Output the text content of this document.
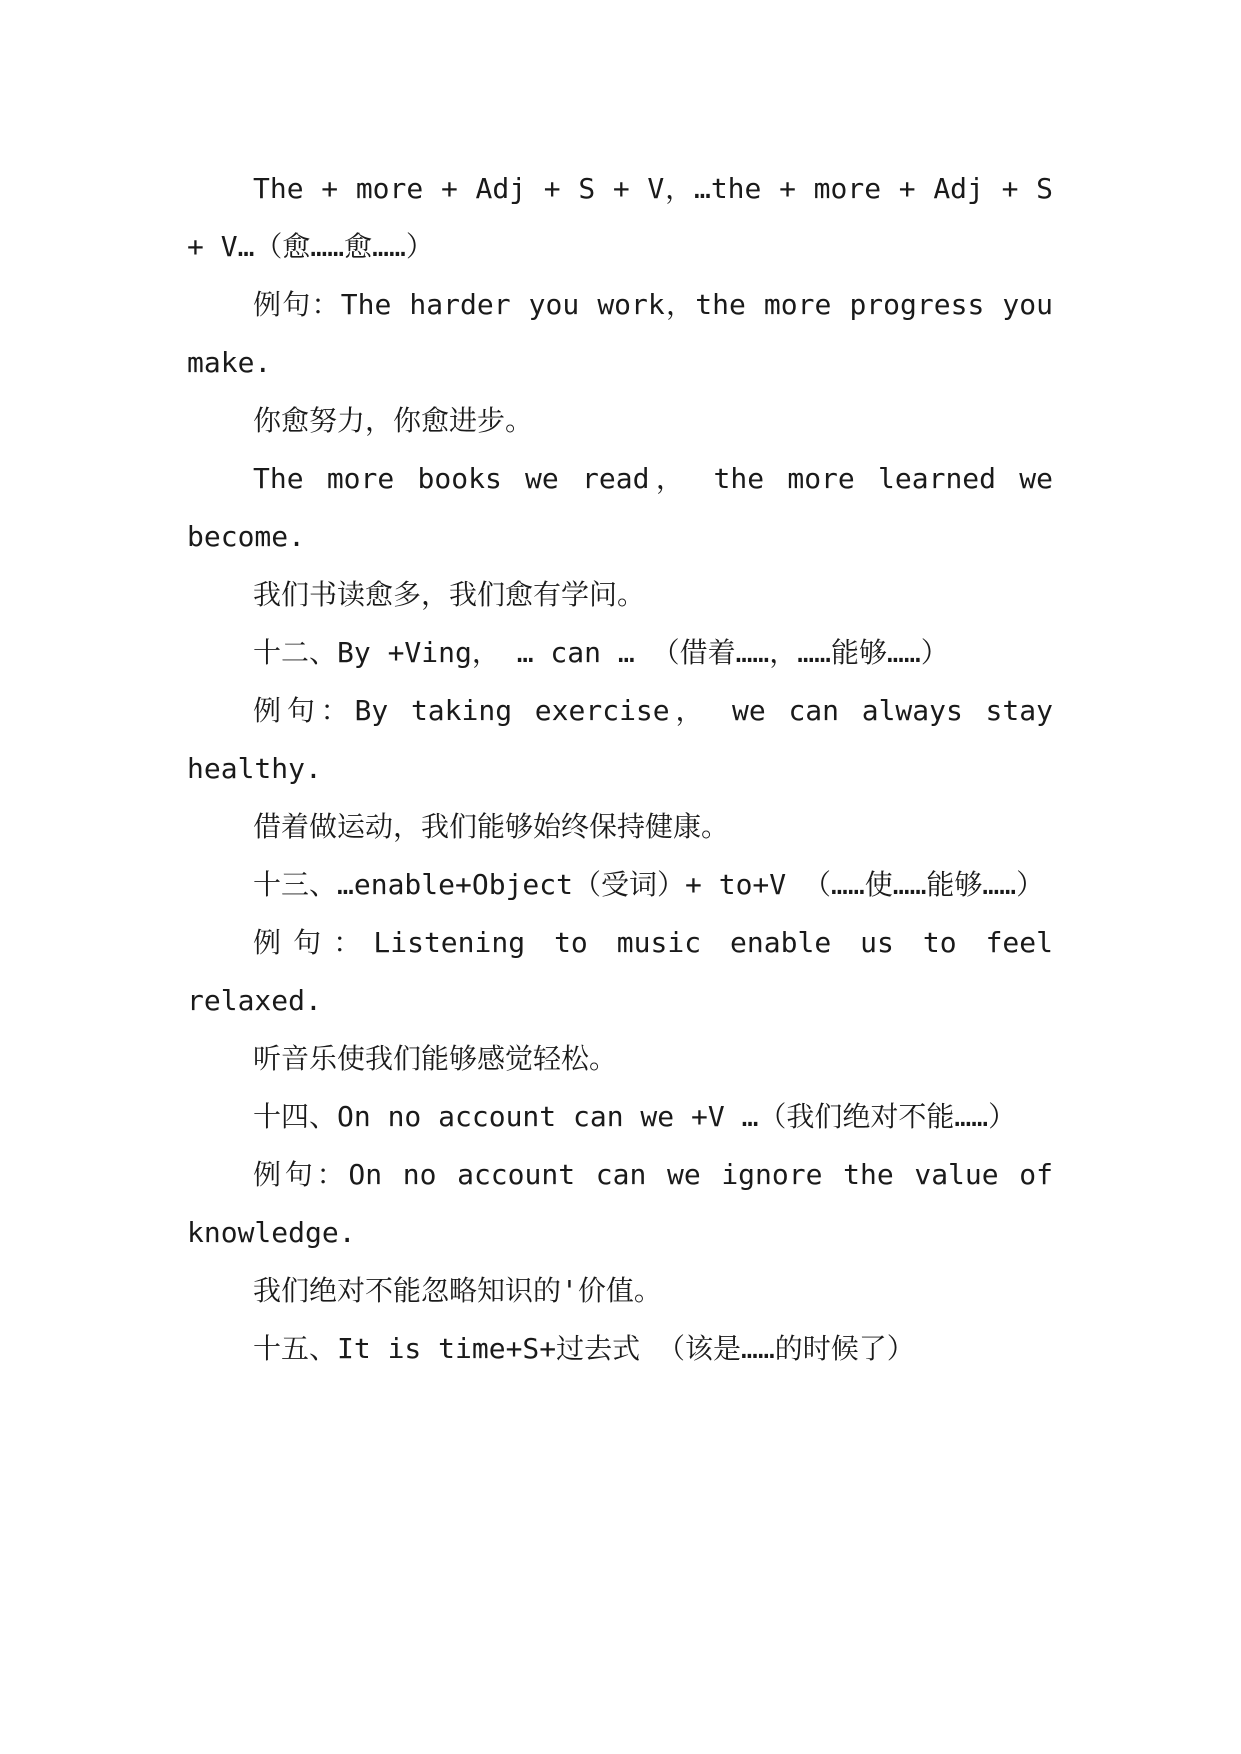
The + more + Adj + S + V，…the + more + Adj + S + V…（愈……愈……）

例句：The harder you work，the more progress you make.

你愈努力，你愈进步。

The more books we read， the more learned we become.

我们书读愈多，我们愈有学问。

十二、By +Ving， … can … （借着……，……能够……）

例句：By taking exercise， we can always stay healthy.

借着做运动，我们能够始终保持健康。

十三、…enable+Object（受词）+ to+V （……使……能够……）

例句：Listening to music enable us to feel relaxed.

听音乐使我们能够感觉轻松。

十四、On no account can we +V …（我们绝对不能……）

例句：On no account can we ignore the value of knowledge.

我们绝对不能忽略知识的'价值。

十五、It is time+S+过去式 （该是……的时候了）
